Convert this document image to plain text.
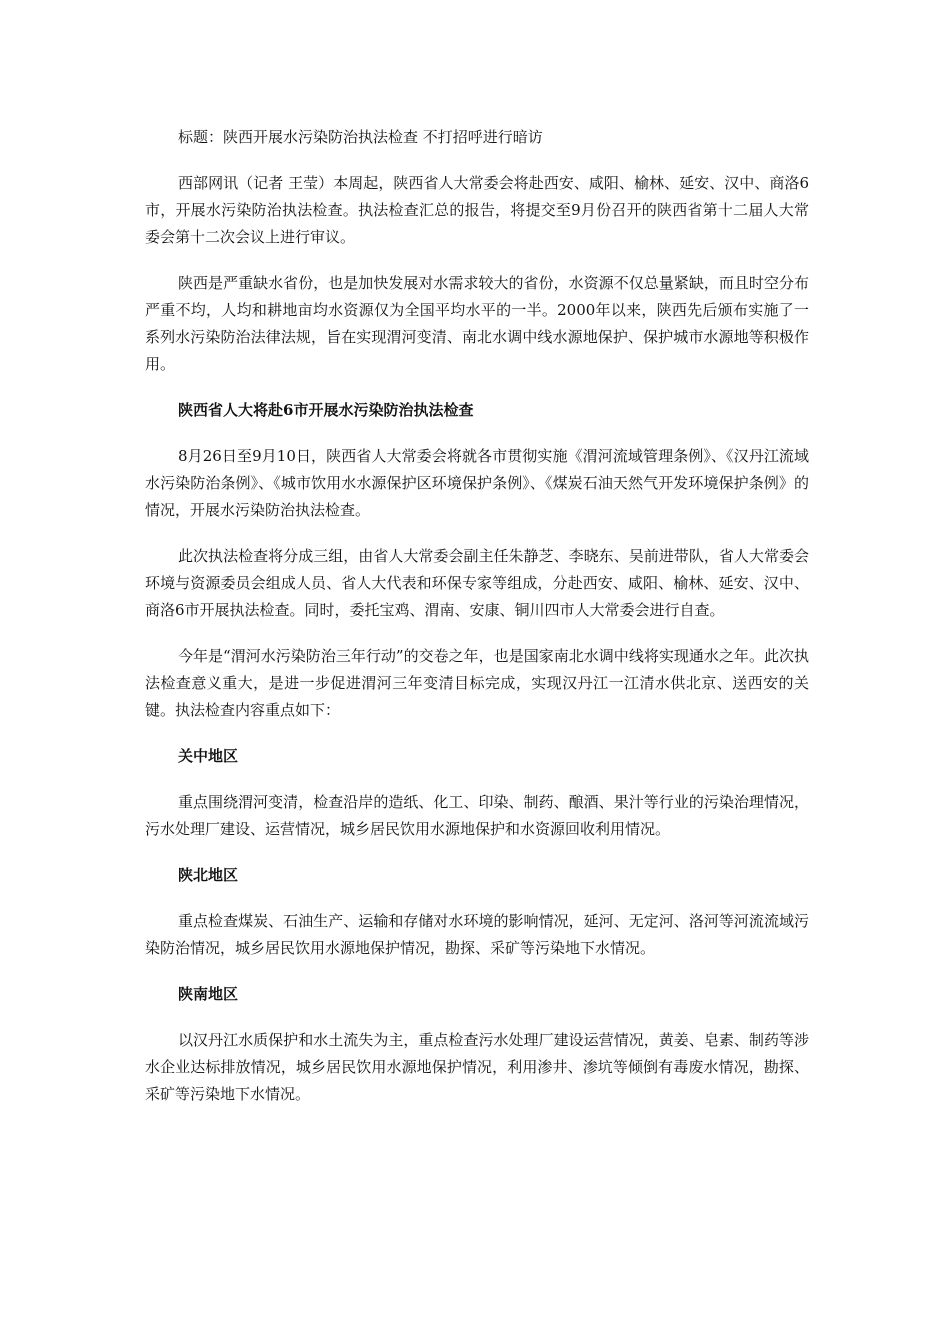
标题：陕西开展水污染防治执法检查 不打招呼进行暗访

西部网讯（记者 王莹）本周起，陕西省人大常委会将赴西安、咸阳、榆林、延安、汉中、商洛6市，开展水污染防治执法检查。执法检查汇总的报告，将提交至9月份召开的陕西省第十二届人大常委会第十二次会议上进行审议。

陕西是严重缺水省份，也是加快发展对水需求较大的省份，水资源不仅总量紧缺，而且时空分布严重不均，人均和耕地亩均水资源仅为全国平均水平的一半。2000年以来，陕西先后颁布实施了一系列水污染防治法律法规，旨在实现渭河变清、南北水调中线水源地保护、保护城市水源地等积极作用。

陕西省人大将赴6市开展水污染防治执法检查

8月26日至9月10日，陕西省人大常委会将就各市贯彻实施《渭河流域管理条例》、《汉丹江流域水污染防治条例》、《城市饮用水水源保护区环境保护条例》、《煤炭石油天然气开发环境保护条例》的情况，开展水污染防治执法检查。

此次执法检查将分成三组，由省人大常委会副主任朱静芝、李晓东、吴前进带队，省人大常委会环境与资源委员会组成人员、省人大代表和环保专家等组成，分赴西安、咸阳、榆林、延安、汉中、商洛6市开展执法检查。同时，委托宝鸡、渭南、安康、铜川四市人大常委会进行自查。

今年是“渭河水污染防治三年行动”的交卷之年，也是国家南北水调中线将实现通水之年。此次执法检查意义重大，是进一步促进渭河三年变清目标完成，实现汉丹江一江清水供北京、送西安的关键。执法检查内容重点如下：

关中地区

重点围绕渭河变清，检查沿岸的造纸、化工、印染、制药、酿酒、果汁等行业的污染治理情况，污水处理厂建设、运营情况，城乡居民饮用水源地保护和水资源回收利用情况。

陕北地区

重点检查煤炭、石油生产、运输和存储对水环境的影响情况，延河、无定河、洛河等河流流域污染防治情况，城乡居民饮用水源地保护情况，勘探、采矿等污染地下水情况。

陕南地区

以汉丹江水质保护和水土流失为主，重点检查污水处理厂建设运营情况，黄姜、皂素、制药等涉水企业达标排放情况，城乡居民饮用水源地保护情况，利用渗井、渗坑等倾倒有毒废水情况，勘探、采矿等污染地下水情况。
